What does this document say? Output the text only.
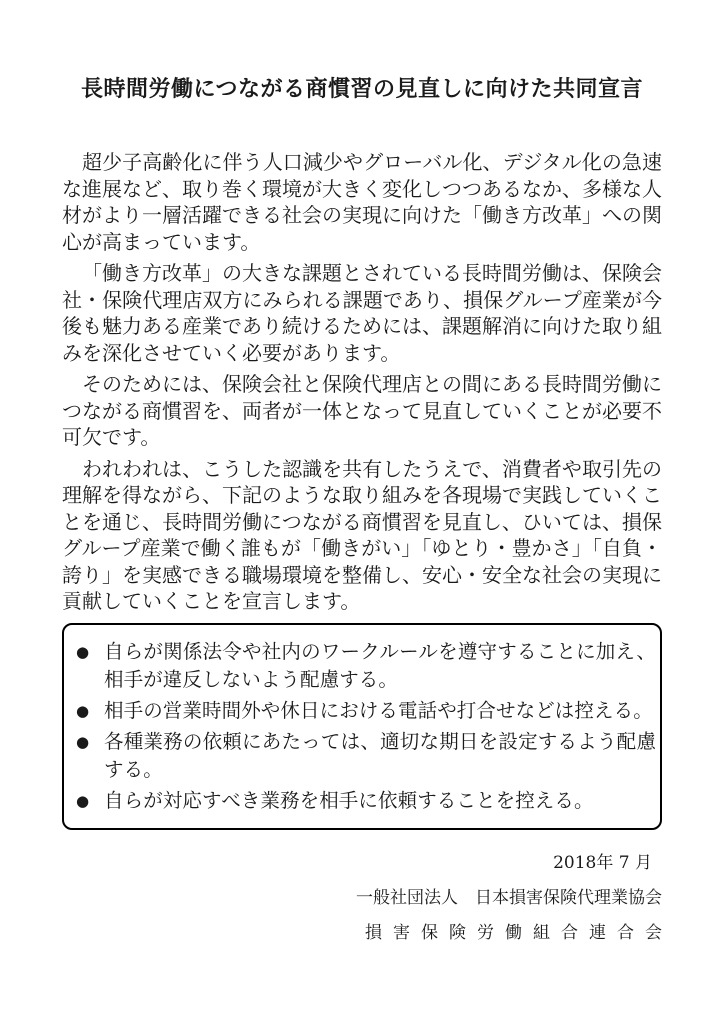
長時間労働につながる商慣習の見直しに向けた共同宣言

超少子高齢化に伴う人口減少やグローバル化、デジタル化の急速な進展など、取り巻く環境が大きく変化しつつあるなか、多様な人材がより一層活躍できる社会の実現に向けた「働き方改革」への関心が高まっています。

「働き方改革」の大きな課題とされている長時間労働は、保険会社・保険代理店双方にみられる課題であり、損保グループ産業が今後も魅力ある産業であり続けるためには、課題解消に向けた取り組みを深化させていく必要があります。

そのためには、保険会社と保険代理店との間にある長時間労働につながる商慣習を、両者が一体となって見直していくことが必要不可欠です。

われわれは、こうした認識を共有したうえで、消費者や取引先の理解を得ながら、下記のような取り組みを各現場で実践していくことを通じ、長時間労働につながる商慣習を見直し、ひいては、損保グループ産業で働く誰もが「働きがい」「ゆとり・豊かさ」「自負・誇り」を実感できる職場環境を整備し、安心・安全な社会の実現に貢献していくことを宣言します。

● 自らが関係法令や社内のワークルールを遵守することに加え、相手が違反しないよう配慮する。
● 相手の営業時間外や休日における電話や打合せなどは控える。
● 各種業務の依頼にあたっては、適切な期日を設定するよう配慮する。
● 自らが対応すべき業務を相手に依頼することを控える。
2018年 7 月
一般社団法人　日本損害保険代理業協会
損害保険労働組合連合会
